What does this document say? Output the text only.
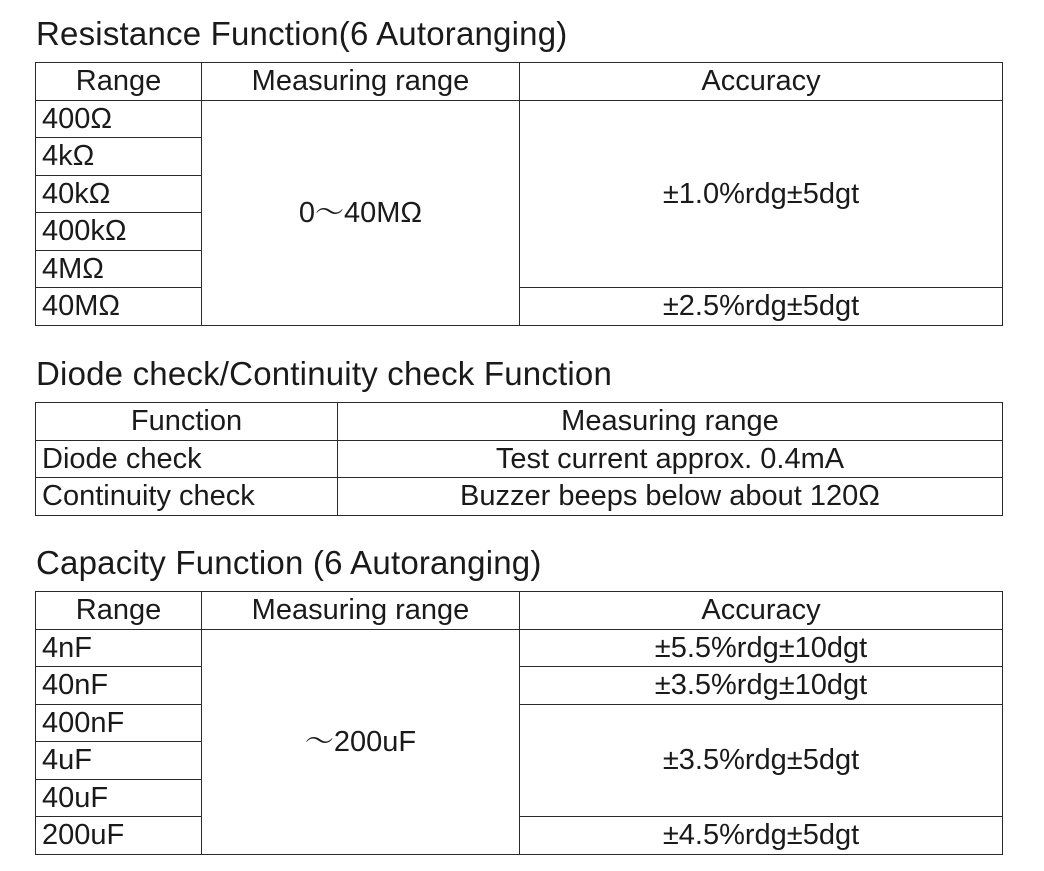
Resistance Function(6 Autoranging)
Range	Measuring range	Accuracy
400Ω	0～40MΩ	±1.0%rdg±5dgt
4kΩ		
40kΩ		
400kΩ		
4MΩ		
40MΩ		±2.5%rdg±5dgt
Diode check/Continuity check Function
Function	Measuring range
Diode check	Test current approx. 0.4mA
Continuity check	Buzzer beeps below about 120Ω
Capacity Function (6 Autoranging)
Range	Measuring range	Accuracy
4nF	～200uF	±5.5%rdg±10dgt
40nF		±3.5%rdg±10dgt
400nF		±3.5%rdg±5dgt
4uF		
40uF		
200uF		±4.5%rdg±5dgt
